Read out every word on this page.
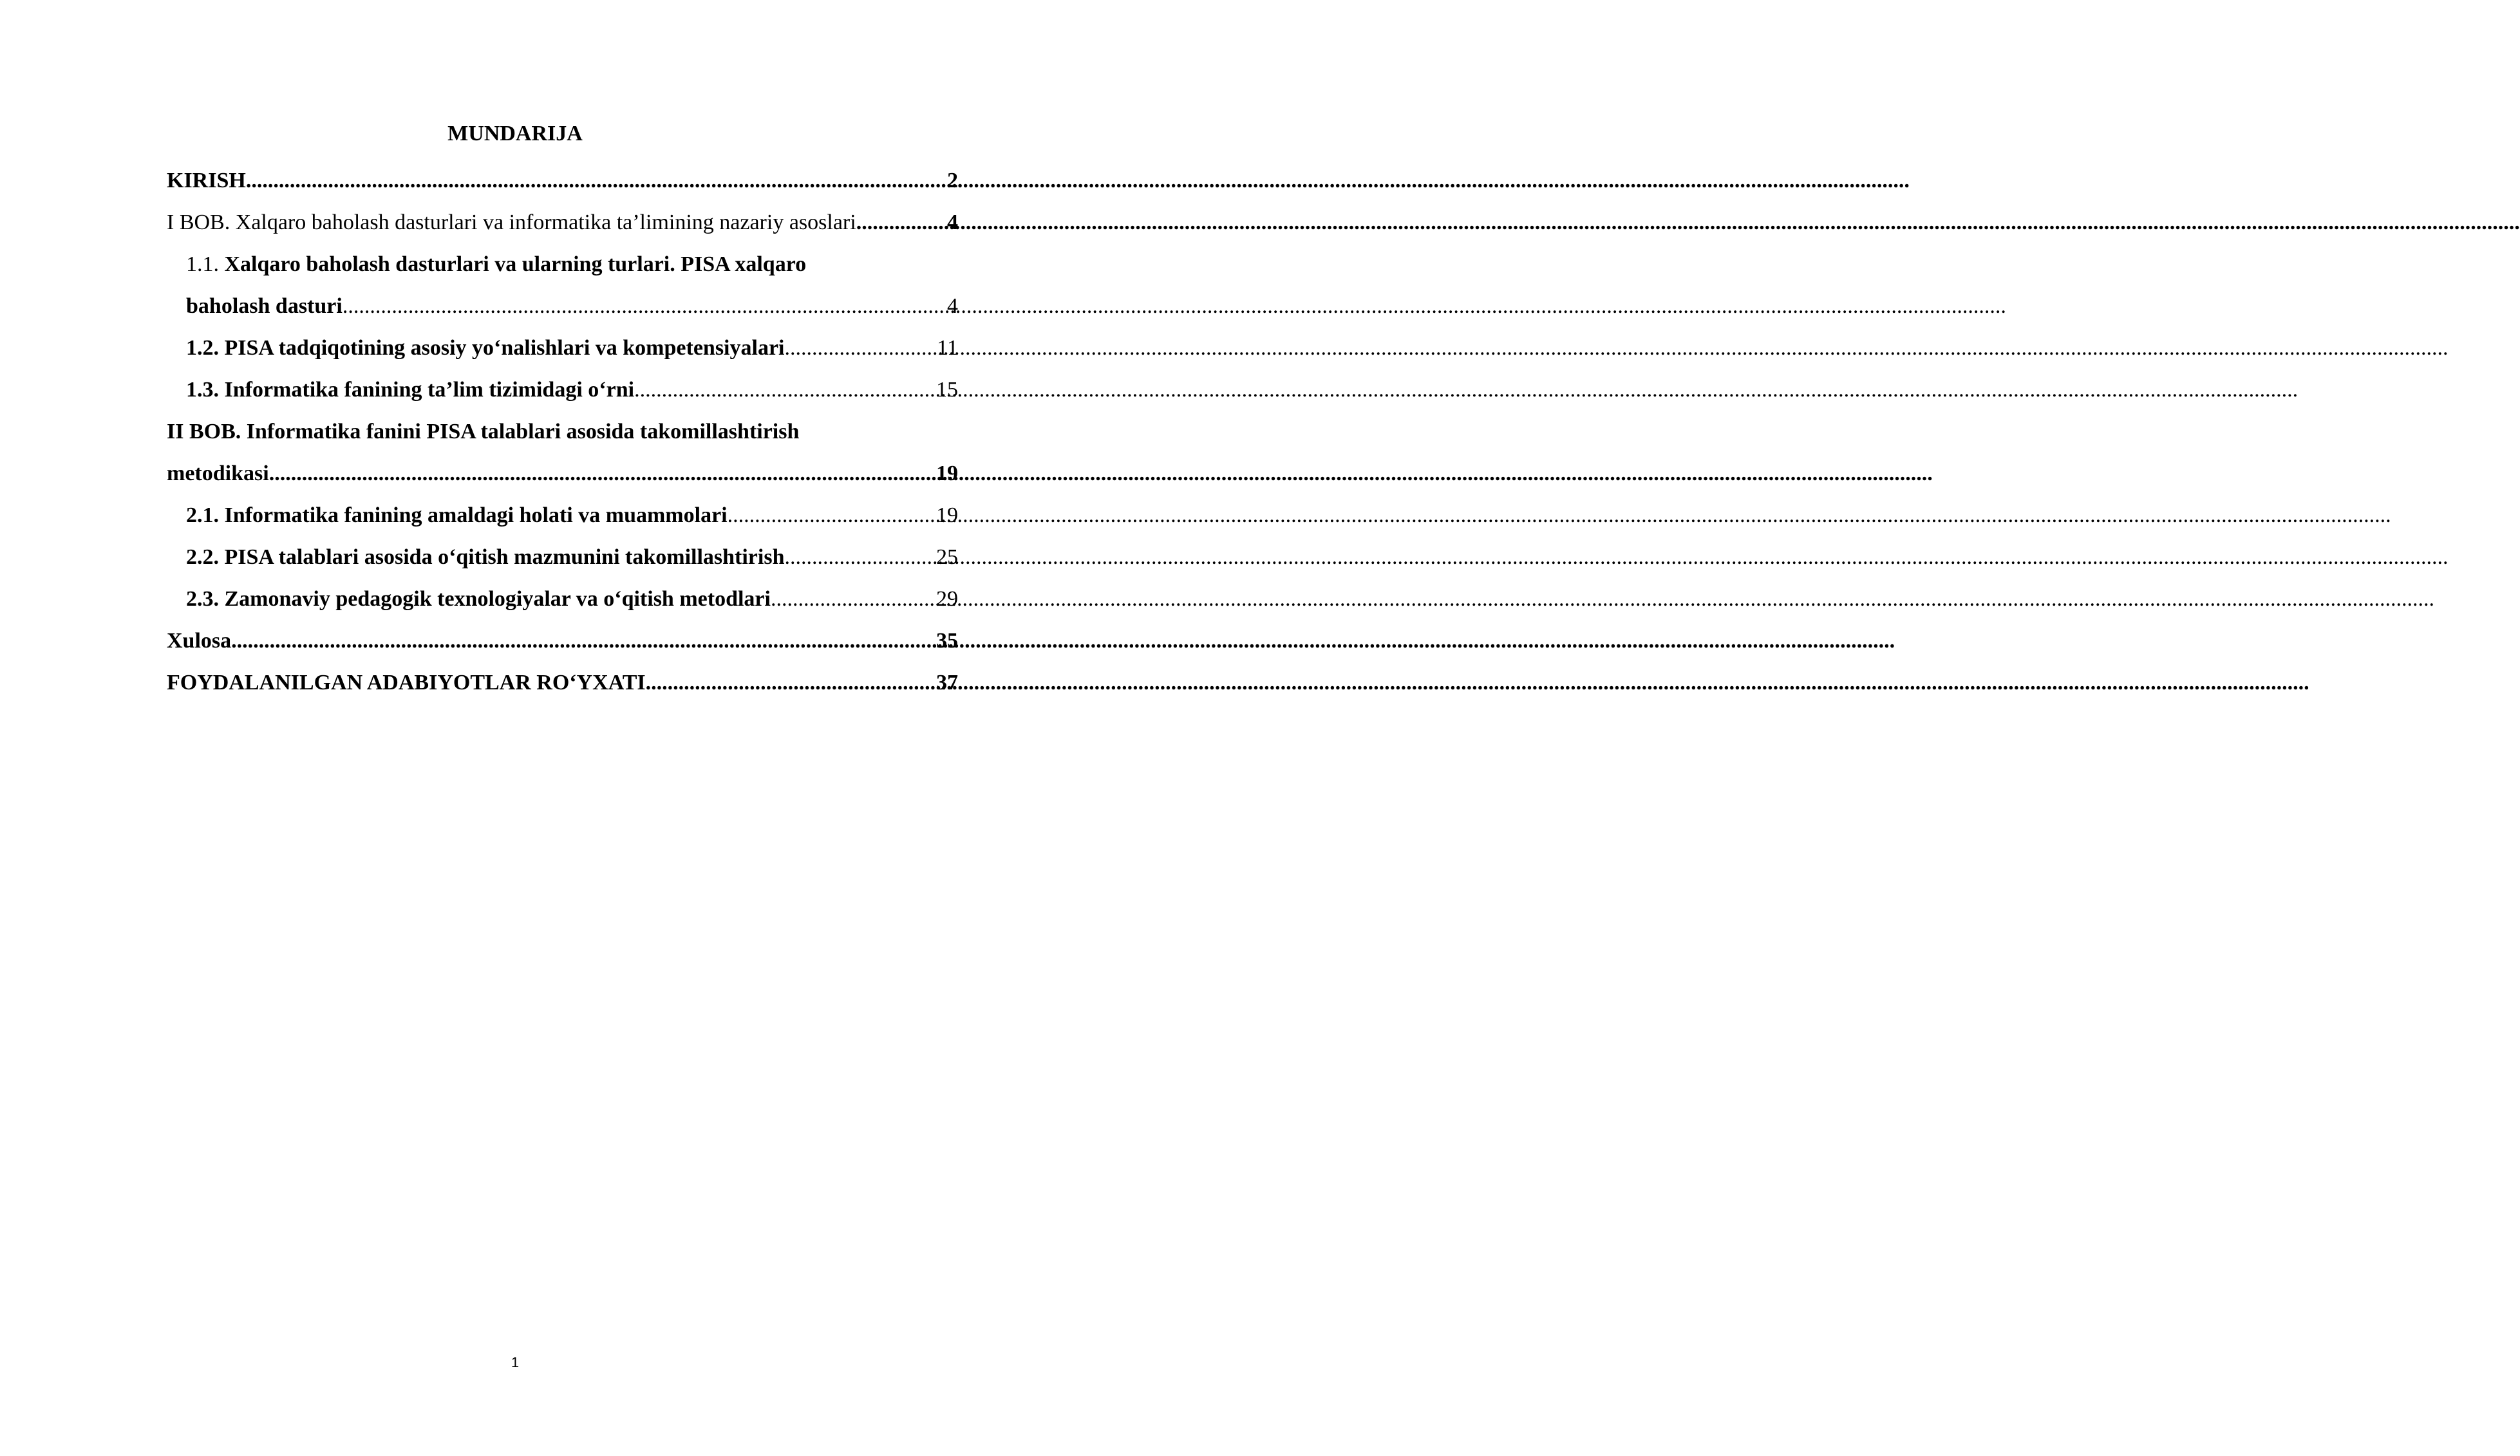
MUNDARIJA
KIRISH .....	2
I BOB. Xalqaro baholash dasturlari va informatika ta’limining nazariy asoslari .....	4
1.1. Xalqaro baholash dasturlari va ularning turlari. PISA xalqaro
baholash dasturi .....	4
1.2. PISA tadqiqotining asosiy yo‘nalishlari va kompetensiyalari .....	11
1.3. Informatika fanining ta’lim tizimidagi o‘rni .....	15
II BOB. Informatika fanini PISA talablari asosida takomillashtirish
metodikasi .....	19
2.1. Informatika fanining amaldagi holati va muammolari .....	19
2.2. PISA talablari asosida o‘qitish mazmunini takomillashtirish .....	25
2.3. Zamonaviy pedagogik texnologiyalar va o‘qitish metodlari .....	29
Xulosa .....	35
FOYDALANILGAN ADABIYOTLAR RO‘YXATI .....	37
1
